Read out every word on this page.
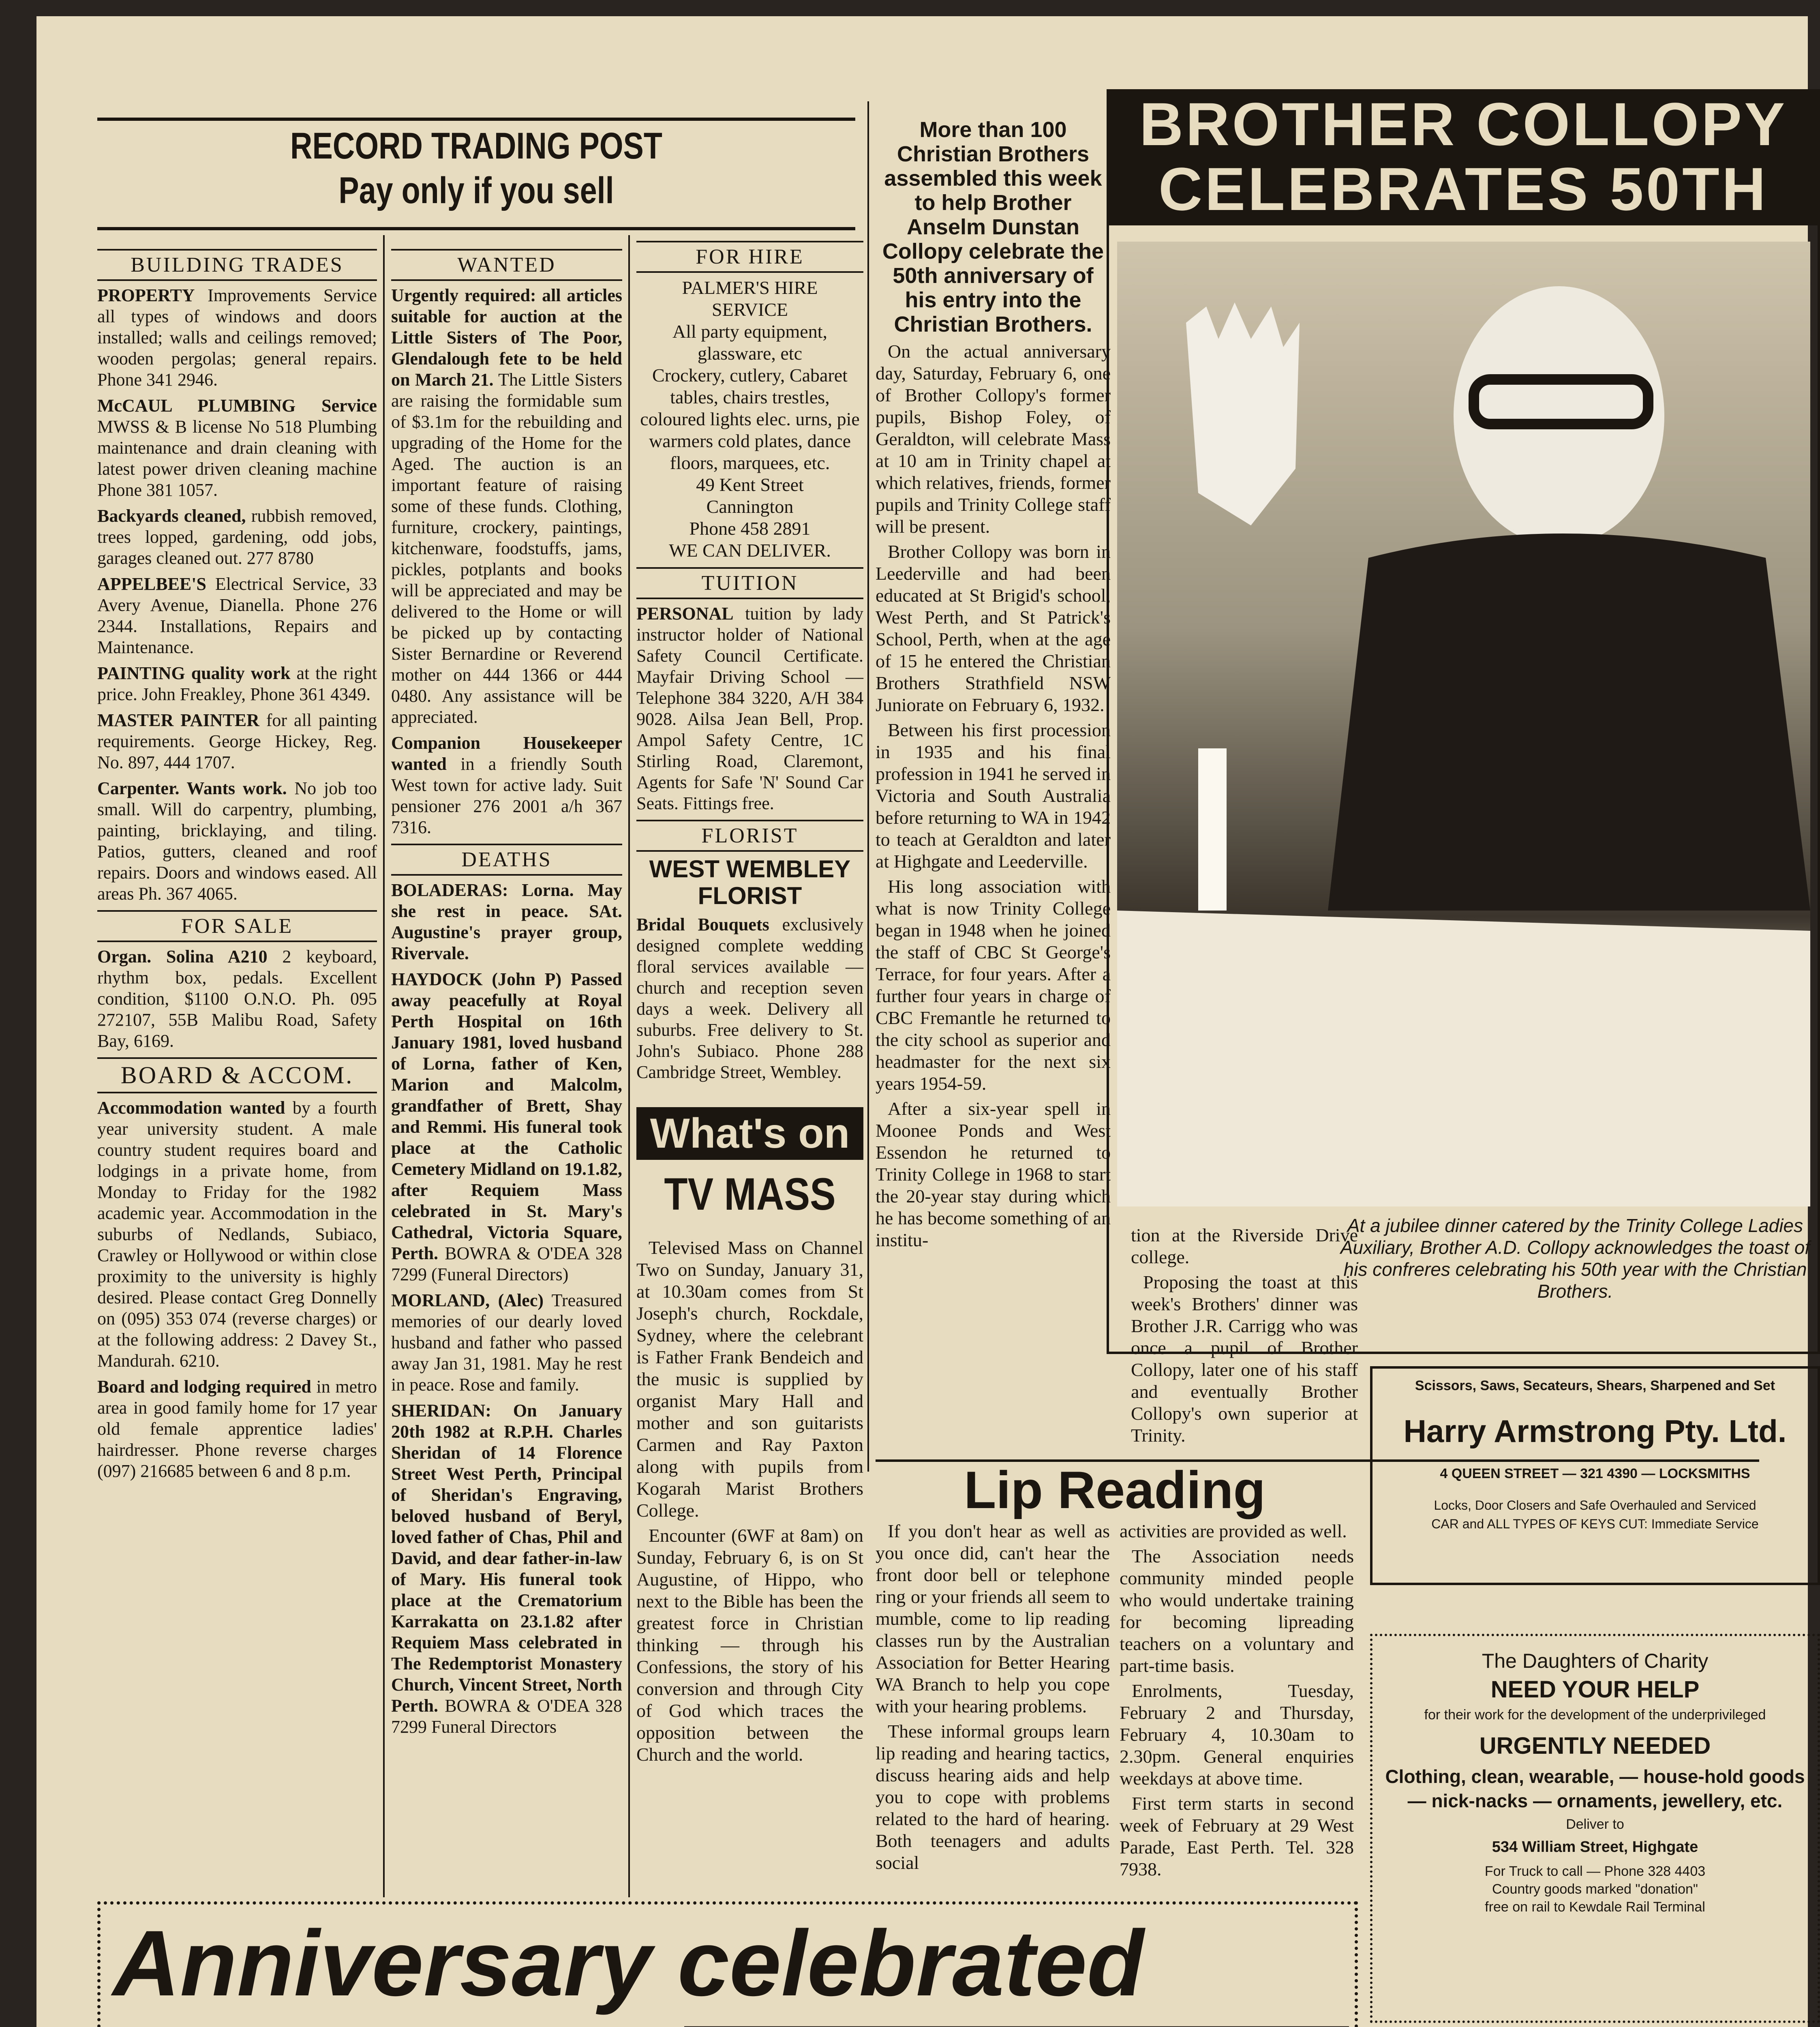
RECORD TRADING POST
Pay only if you sell
BUILDING TRADES
PROPERTY Improvements Service all types of windows and doors installed; walls and ceilings removed; wooden pergolas; general repairs. Phone 341 2946.
McCAUL PLUMBING Service MWSS & B license No 518 Plumbing maintenance and drain cleaning with latest power driven cleaning machine Phone 381 1057.
Backyards cleaned, rubbish removed, trees lopped, gardening, odd jobs, garages cleaned out. 277 8780
APPELBEE'S Electrical Service, 33 Avery Avenue, Dianella. Phone 276 2344. Installations, Repairs and Maintenance.
PAINTING quality work at the right price. John Freakley, Phone 361 4349.
MASTER PAINTER for all painting requirements. George Hickey, Reg. No. 897, 444 1707.
Carpenter. Wants work. No job too small. Will do carpentry, plumbing, painting, bricklaying, and tiling. Patios, gutters, cleaned and roof repairs. Doors and windows eased. All areas Ph. 367 4065.
FOR SALE
Organ. Solina A210 2 keyboard, rhythm box, pedals. Excellent condition, $1100 O.N.O. Ph. 095 272107, 55B Malibu Road, Safety Bay, 6169.
BOARD & ACCOM.
Accommodation wanted by a fourth year university student. A male country student requires board and lodgings in a private home, from Monday to Friday for the 1982 academic year. Accommodation in the suburbs of Nedlands, Subiaco, Crawley or Hollywood or within close proximity to the university is highly desired. Please contact Greg Donnelly on (095) 353 074 (reverse charges) or at the following address: 2 Davey St., Mandurah. 6210.
Board and lodging required in metro area in good family home for 17 year old female apprentice ladies' hairdresser. Phone reverse charges (097) 216685 between 6 and 8 p.m.
WANTED
Urgently required: all articles suitable for auction at the Little Sisters of The Poor, Glendalough fete to be held on March 21. The Little Sisters are raising the formidable sum of $3.1m for the rebuilding and upgrading of the Home for the Aged. The auction is an important feature of raising some of these funds. Clothing, furniture, crockery, paintings, kitchenware, foodstuffs, jams, pickles, potplants and books will be appreciated and may be delivered to the Home or will be picked up by contacting Sister Bernardine or Reverend mother on 444 1366 or 444 0480. Any assistance will be appreciated.
Companion Housekeeper wanted in a friendly South West town for active lady. Suit pensioner 276 2001 a/h 367 7316.
DEATHS
BOLADERAS: Lorna. May she rest in peace. SAt. Augustine's prayer group, Rivervale.
HAYDOCK (John P) Passed away peacefully at Royal Perth Hospital on 16th January 1981, loved husband of Lorna, father of Ken, Marion and Malcolm, grandfather of Brett, Shay and Remmi. His funeral took place at the Catholic Cemetery Midland on 19.1.82, after Requiem Mass celebrated in St. Mary's Cathedral, Victoria Square, Perth. BOWRA & O'DEA 328 7299 (Funeral Directors)
MORLAND, (Alec) Treasured memories of our dearly loved husband and father who passed away Jan 31, 1981. May he rest in peace. Rose and family.
SHERIDAN: On January 20th 1982 at R.P.H. Charles Sheridan of 14 Florence Street West Perth, Principal of Sheridan's Engraving, beloved husband of Beryl, loved father of Chas, Phil and David, and dear father-in-law of Mary. His funeral took place at the Crematorium Karrakatta on 23.1.82 after Requiem Mass celebrated in The Redemptorist Monastery Church, Vincent Street, North Perth. BOWRA & O'DEA 328 7299 Funeral Directors
FOR HIRE
PALMER'S HIRE
SERVICE
All party equipment, glassware, etc
Crockery, cutlery, Cabaret tables, chairs trestles, coloured lights elec. urns, pie warmers cold plates, dance floors, marquees, etc.
49 Kent Street
Cannington
Phone 458 2891
WE CAN DELIVER.
TUITION
PERSONAL tuition by lady instructor holder of National Safety Council Certificate. Mayfair Driving School — Telephone 384 3220, A/H 384 9028. Ailsa Jean Bell, Prop. Ampol Safety Centre, 1C Stirling Road, Claremont, Agents for Safe 'N' Sound Car Seats. Fittings free.
FLORIST
WEST WEMBLEY FLORIST
Bridal Bouquets exclusively designed complete wedding floral services available — church and reception seven days a week. Delivery all suburbs. Free delivery to St. John's Subiaco. Phone 288 Cambridge Street, Wembley.
What's on
TV MASS
Televised Mass on Channel Two on Sunday, January 31, at 10.30am comes from St Joseph's church, Rockdale, Sydney, where the celebrant is Father Frank Bendeich and the music is supplied by organist Mary Hall and mother and son guitarists Carmen and Ray Paxton along with pupils from Kogarah Marist Brothers College.
Encounter (6WF at 8am) on Sunday, February 6, is on St Augustine, of Hippo, who next to the Bible has been the greatest force in Christian thinking — through his Confessions, the story of his conversion and through City of God which traces the opposition between the Church and the world.
More than 100 Christian Brothers assembled this week to help Brother Anselm Dunstan Collopy celebrate the 50th anniversary of his entry into the Christian Brothers.
On the actual anniversary day, Saturday, February 6, one of Brother Collopy's former pupils, Bishop Foley, of Geraldton, will celebrate Mass at 10 am in Trinity chapel at which relatives, friends, former pupils and Trinity College staff will be present.
Brother Collopy was born in Leederville and had been educated at St Brigid's school, West Perth, and St Patrick's School, Perth, when at the age of 15 he entered the Christian Brothers Strathfield NSW Juniorate on February 6, 1932.
Between his first procession in 1935 and his final profession in 1941 he served in Victoria and South Australia before returning to WA in 1942 to teach at Geraldton and later at Highgate and Leederville.
His long association with what is now Trinity College began in 1948 when he joined the staff of CBC St George's Terrace, for four years. After a further four years in charge of CBC Fremantle he returned to the city school as superior and headmaster for the next six years 1954-59.
After a six-year spell in Moonee Ponds and West Essendon he returned to Trinity College in 1968 to start the 20-year stay during which he has become something of an institu-
BROTHER COLLOPY
CELEBRATES 50TH
At a jubilee dinner catered by the Trinity College Ladies Auxiliary, Brother A.D. Collopy acknowledges the toast of his confreres celebrating his 50th year with the Christian Brothers.
tion at the Riverside Drive college.
Proposing the toast at this week's Brothers' dinner was Brother J.R. Carrigg who was once a pupil of Brother Collopy, later one of his staff and eventually Brother Collopy's own superior at Trinity.
Lip Reading
If you don't hear as well as you once did, can't hear the front door bell or telephone ring or your friends all seem to mumble, come to lip reading classes run by the Australian Association for Better Hearing WA Branch to help you cope with your hearing problems.
These informal groups learn lip reading and hearing tactics, discuss hearing aids and help you to cope with problems related to the hard of hearing. Both teenagers and adults social
activities are provided as well.
The Association needs community minded people who would undertake training for becoming lipreading teachers on a voluntary and part-time basis.
Enrolments, Tuesday, February 2 and Thursday, February 4, 10.30am to 2.30pm. General enquiries weekdays at above time.
First term starts in second week of February at 29 West Parade, East Perth. Tel. 328 7938.
Scissors, Saws, Secateurs, Shears, Sharpened and Set
Harry Armstrong Pty. Ltd.
4 QUEEN STREET — 321 4390 — LOCKSMITHS
Locks, Door Closers and Safe Overhauled and Serviced
CAR and ALL TYPES OF KEYS CUT: Immediate Service
The Daughters of Charity
NEED YOUR HELP
for their work for the development of the underprivileged
URGENTLY NEEDED
Clothing, clean, wearable, — house-hold goods — nick-nacks — ornaments, jewellery, etc.
Deliver to
534 William Street, Highgate
For Truck to call — Phone 328 4403
Country goods marked "donation"
free on rail to Kewdale Rail Terminal
Anniversary celebrated
